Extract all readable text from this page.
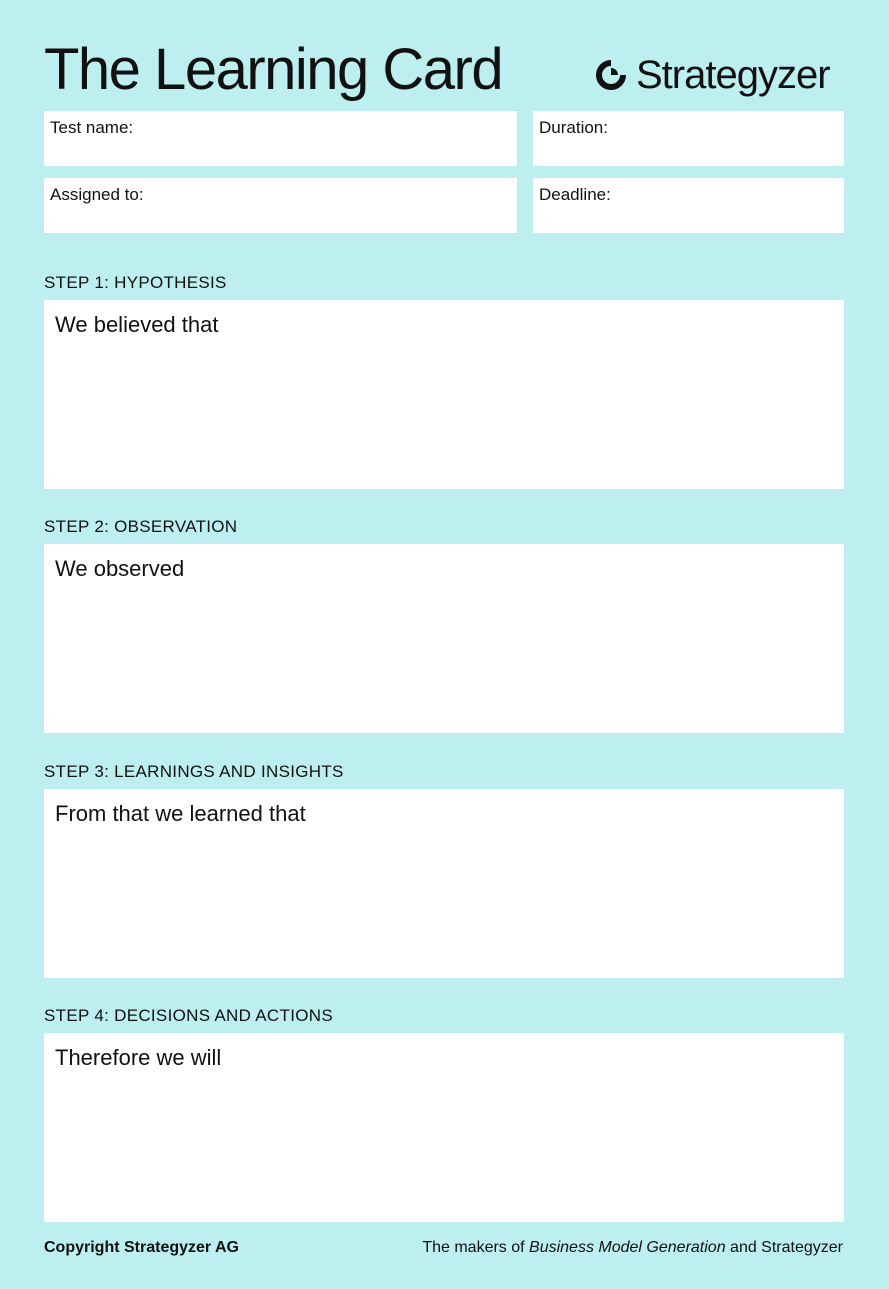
The Learning Card	Strategyzer
Test name:	Duration:
Assigned to:	Deadline:
STEP 1: HYPOTHESIS
We believed that
STEP 2: OBSERVATION
We observed
STEP 3: LEARNINGS AND INSIGHTS
From that we learned that
STEP 4: DECISIONS AND ACTIONS
Therefore we will
Copyright Strategyzer AG	The makers of Business Model Generation and Strategyzer
